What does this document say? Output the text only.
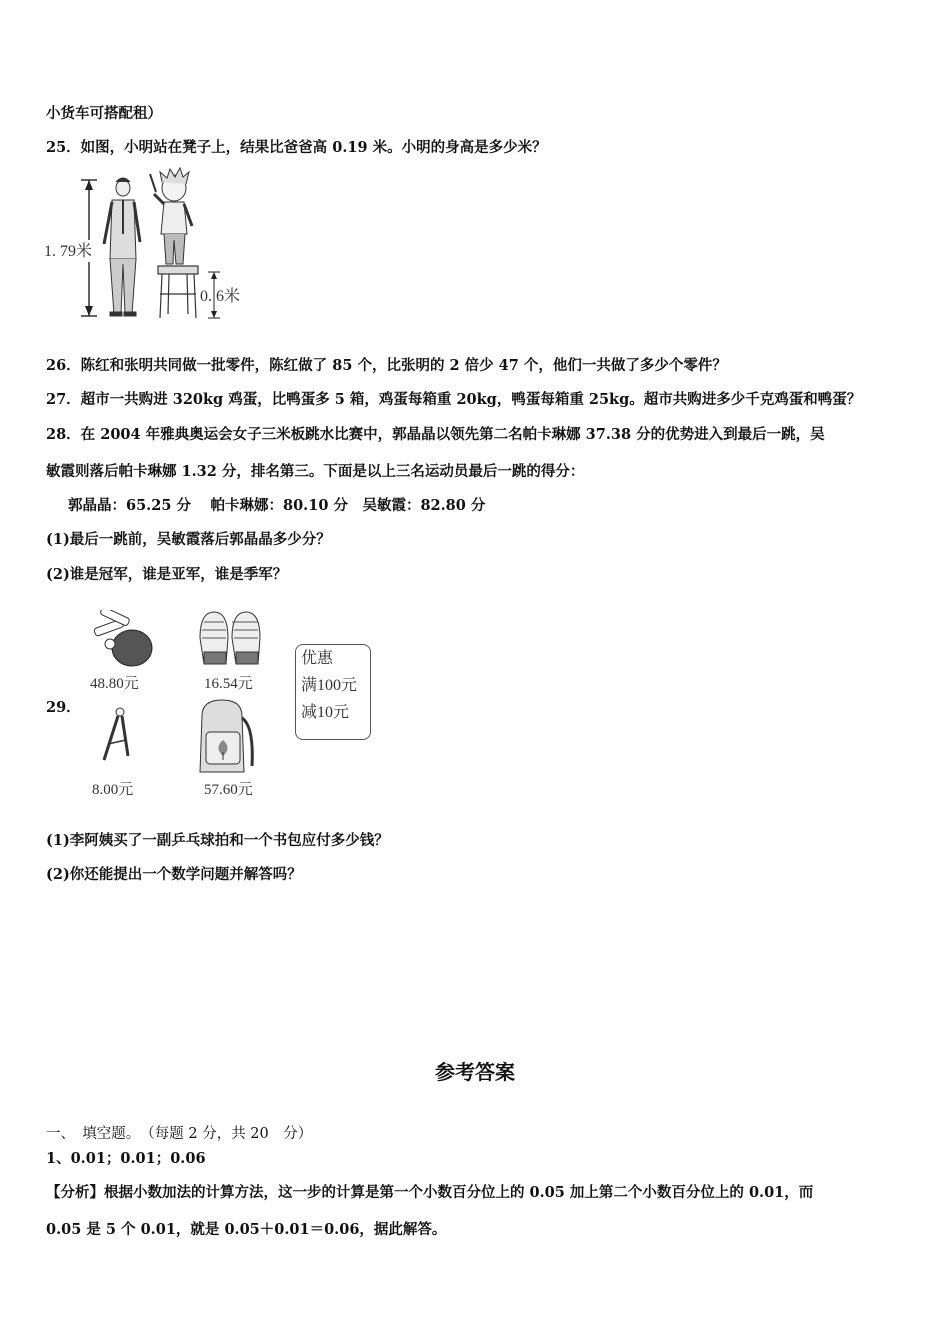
小货车可搭配租）
25．如图，小明站在凳子上，结果比爸爸高 0.19 米。小明的身高是多少米？
1. 79米
0. 6米
26．陈红和张明共同做一批零件，陈红做了 85 个，比张明的 2 倍少 47 个，他们一共做了多少个零件？
27．超市一共购进 320kg 鸡蛋，比鸭蛋多 5 箱，鸡蛋每箱重 20kg，鸭蛋每箱重 25kg。超市共购进多少千克鸡蛋和鸭蛋？
28．在 2004 年雅典奥运会女子三米板跳水比赛中，郭晶晶以领先第二名帕卡琳娜 37.38 分的优势进入到最后一跳，吴
敏霞则落后帕卡琳娜 1.32 分，排名第三。下面是以上三名运动员最后一跳的得分：
郭晶晶：65.25 分　 帕卡琳娜：80.10 分　吴敏霞：82.80 分
(1)最后一跳前，吴敏霞落后郭晶晶多少分？
(2)谁是冠军，谁是亚军，谁是季军？
29．
48.80元	16.54元
优惠
满100元
减10元
8.00元	57.60元
(1)李阿姨买了一副乒乓球拍和一个书包应付多少钱？
(2)你还能提出一个数学问题并解答吗？
参考答案
一、　填空题。　（每题 2 分，共 20　分）
1、0.01；0.01；0.06
【分析】根据小数加法的计算方法，这一步的计算是第一个小数百分位上的 0.05 加上第二个小数百分位上的 0.01，而
0.05 是 5 个 0.01，就是 0.05＋0.01＝0.06，据此解答。
